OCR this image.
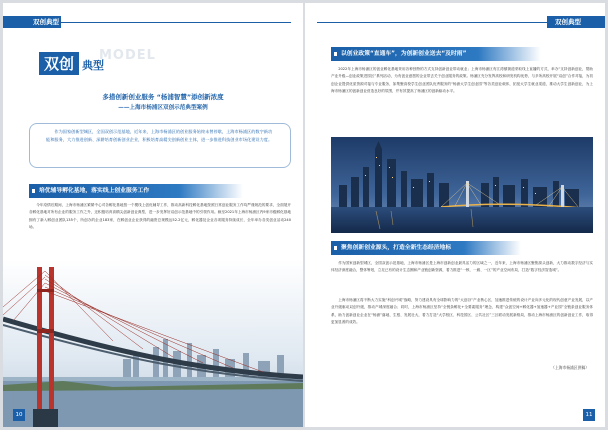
双创典型
MODEL
双创 典型
多措创新创业服务 “杨浦智慧”添创新浓度
——上海市杨浦区双创示范典型案例
作为国家创新型城区，全国双创示范基地，近年来，上海市杨浦区的创业服务始终未曾停歇，上海市杨浦区的数字新功能和服务，大力推进创新、深耕培育创新创业企业，积极培育高精尖创新创业主体，进一步推进科技创业市场化建设力度。
培优辅导孵化基地，落实线上创业服务工作
今年疫情后期间，上海市杨浦区紧紧中心对各孵化基地按一个模线上创优辅导工作，推动高新科技孵化基地按照日常创业服务工作均严谨规范的要求，全面展开各孵化基地对所有企业的服务工作之外，还积极培育高精尖创新创业典型，进一步发挥好双创示范基地中的引领作用。截至2021年上海市杨浦区内9家市级孵化基地拥有了新入孵创业团队135个，所创办的企业183家，在孵创业企业获得的融资总规模达52.2亿元，孵化器及企业各项服务持续成长，全年举办各类创业活动240场。
10
双创典型
以创业政策“直通车”，为创新创业送去“及时雨”
2022年上海市杨浦区的创业孵化基地采用各种独特的方式支持创新创业带动就业；上海市杨浦区有江湾镇街道采取线上直播的方式，举办“支持创新创业，帮助产业升级—创业政策进园区”系列活动，为有创业意愿的企业带去关于创业服务的政策。杨浦区充分发挥高校和研发机构优势，与多所高校开展“双创”合作对接，为初创企业提供优质资源对接与专业服务，如集聚高校学生创业团队优秀服务的“杨浦大学生创业园”等各类创业载体，拓宽大学生就业渠道，推动大学生创新创业，为上海市杨浦区的创新创业营造良好的氛围，并有效提高了杨浦区的创新驱动水平。
聚焦创新创业源头，打造全新生态经济地标
作为国家创新型城区，全国双创示范基地，上海市杨浦区是上海市创新创业最具活力的区域之一，近年来，上海市杨浦区聚焦源头创新，大力推动数字经济与实体经济深度融合，整体筹划，立足已有的设计生态圈和产业链创新资源，着力推进“一核、一廊、一区”的产业空间布局，打造“数字经济智造城”。
上海市杨浦区将不断大力实施“科创兴城”战略，努力建设具有全球影响力的“大创谷”产业核心区，加速推进传统的设计产业向多元化的现代创意产业发展，以产业升级驱动双创升级，推动产城深度融合；同时，上海市杨浦区坚持“全链条孵化+全要素服务”理念，构建“众创空间+孵化器+加速器+产业园”全链条创业服务体系，助力创新创业企业在“杨浦”落地、生根、发展壮大，着力打造“大学校区、科技园区、公共社区”三区联动发展新格局，推动上海市杨浦区的创新创业工作，取得更加显著的成效。
（上海市杨浦区供稿）
11
